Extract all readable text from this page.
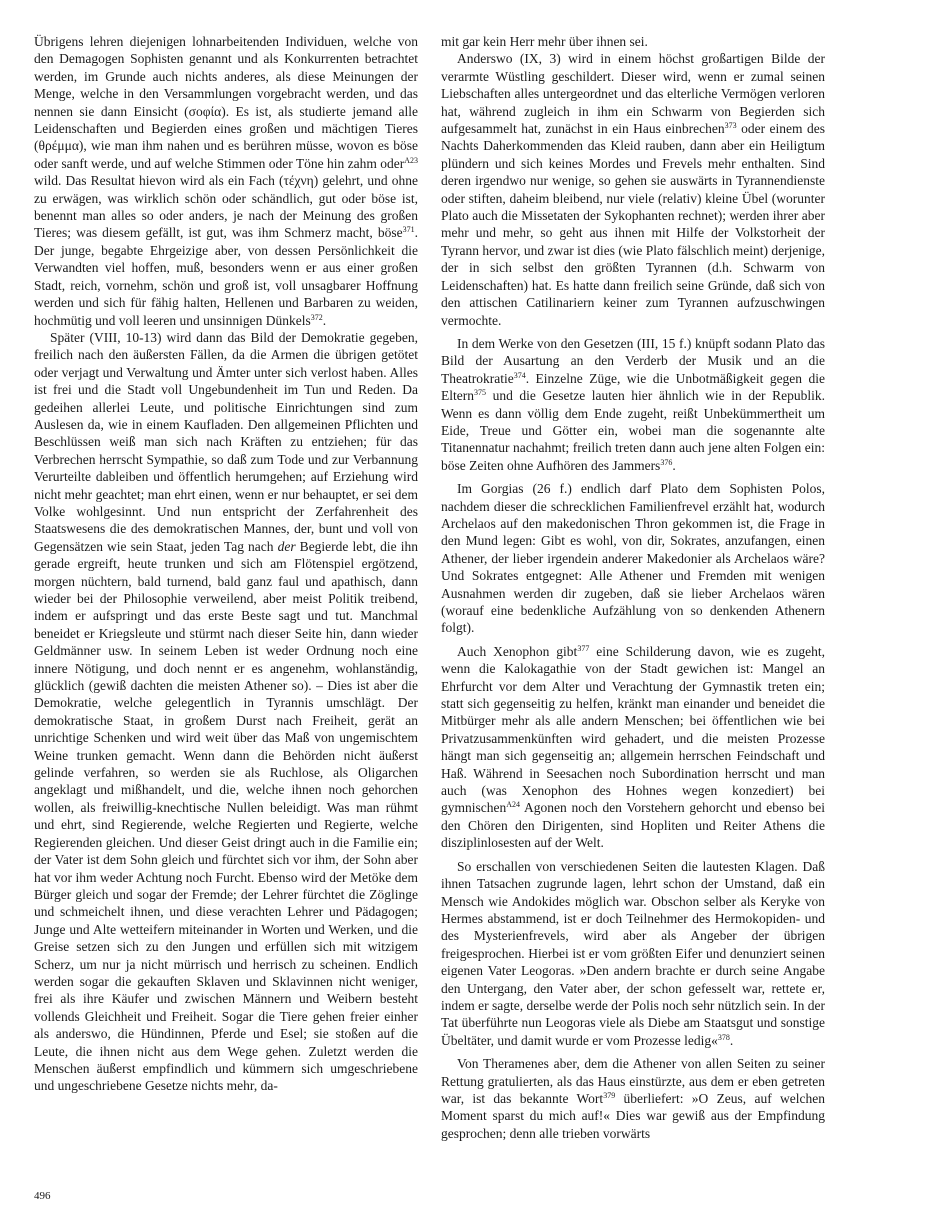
Übrigens lehren diejenigen lohnarbeitenden Individuen, welche von den Demagogen Sophisten genannt und als Konkurrenten betrachtet werden, im Grunde auch nichts anderes, als diese Meinungen der Menge, welche in den Versammlungen vorgebracht werden, und das nennen sie dann Einsicht (σοφία). Es ist, als studierte jemand alle Leidenschaften und Begierden eines großen und mächtigen Tieres (θρέμμα), wie man ihm nahen und es berühren müsse, wovon es böse oder sanft werde, und auf welche Stimmen oder Töne hin zahm oder$^{A23}$ wild. Das Resultat hievon wird als ein Fach (τέχνη) gelehrt, und ohne zu erwägen, was wirklich schön oder schändlich, gut oder böse ist, benennt man alles so oder anders, je nach der Meinung des großen Tieres; was diesem gefällt, ist gut, was ihm Schmerz macht, böse$^{371}$. Der junge, begabte Ehrgeizige aber, von dessen Persönlichkeit die Verwandten viel hoffen, muß, besonders wenn er aus einer großen Stadt, reich, vornehm, schön und groß ist, voll unsagbarer Hoffnung werden und sich für fähig halten, Hellenen und Barbaren zu weiden, hochmütig und voll leeren und unsinnigen Dünkels$^{372}$.

Später (VIII, 10-13) wird dann das Bild der Demokratie gegeben, freilich nach den äußersten Fällen, da die Armen die übrigen getötet oder verjagt und Verwaltung und Ämter unter sich verlost haben. Alles ist frei und die Stadt voll Ungebundenheit im Tun und Reden. Da gedeihen allerlei Leute, und politische Einrichtungen sind zum Auslesen da, wie in einem Kaufladen. Den allgemeinen Pflichten und Beschlüssen weiß man sich nach Kräften zu entziehen; für das Verbrechen herrscht Sympathie, so daß zum Tode und zur Verbannung Verurteilte dableiben und öffentlich herumgehen; auf Erziehung wird nicht mehr geachtet; man ehrt einen, wenn er nur behauptet, er sei dem Volke wohlgesinnt. Und nun entspricht der Zerfahrenheit des Staatswesens die des demokratischen Mannes, der, bunt und voll von Gegensätzen wie sein Staat, jeden Tag nach der Begierde lebt, die ihn gerade ergreift, heute trunken und sich am Flötenspiel ergötzend, morgen nüchtern, bald turnend, bald ganz faul und apathisch, dann wieder bei der Philosophie verweilend, aber meist Politik treibend, indem er aufspringt und das erste Beste sagt und tut. Manchmal beneidet er Kriegsleute und stürmt nach dieser Seite hin, dann wieder Geldmänner usw. In seinem Leben ist weder Ordnung noch eine innere Nötigung, und doch nennt er es angenehm, wohlanständig, glücklich (gewiß dachten die meisten Athener so). – Dies ist aber die Demokratie, welche gelegentlich in Tyrannis umschlägt. Der demokratische Staat, in großem Durst nach Freiheit, gerät an unrichtige Schenken und wird weit über das Maß von ungemischtem Weine trunken gemacht. Wenn dann die Behörden nicht äußerst gelinde verfahren, so werden sie als Ruchlose, als Oligarchen angeklagt und mißhandelt, und die, welche ihnen noch gehorchen wollen, als freiwillig-knechtische Nullen beleidigt. Was man rühmt und ehrt, sind Regierende, welche Regierten und Regierte, welche Regierenden gleichen. Und dieser Geist dringt auch in die Familie ein; der Vater ist dem Sohn gleich und fürchtet sich vor ihm, der Sohn aber hat vor ihm weder Achtung noch Furcht. Ebenso wird der Metöke dem Bürger gleich und sogar der Fremde; der Lehrer fürchtet die Zöglinge und schmeichelt ihnen, und diese verachten Lehrer und Pädagogen; Junge und Alte wetteifern miteinander in Worten und Werken, und die Greise setzen sich zu den Jungen und erfüllen sich mit witzigem Scherz, um nur ja nicht mürrisch und herrisch zu scheinen. Endlich werden sogar die gekauften Sklaven und Sklavinnen nicht weniger, frei als ihre Käufer und zwischen Männern und Weibern besteht vollends Gleichheit und Freiheit. Sogar die Tiere gehen freier einher als anderswo, die Hündinnen, Pferde und Esel; sie stoßen auf die Leute, die ihnen nicht aus dem Wege gehen. Zuletzt werden die Menschen äußerst empfindlich und kümmern sich umgeschriebene und ungeschriebene Gesetze nichts mehr, da-

mit gar kein Herr mehr über ihnen sei.

Anderswo (IX, 3) wird in einem höchst großartigen Bilde der verarmte Wüstling geschildert. Dieser wird, wenn er zumal seinen Liebschaften alles untergeordnet und das elterliche Vermögen verloren hat, während zugleich in ihm ein Schwarm von Begierden sich aufgesammelt hat, zunächst in ein Haus einbrechen$^{373}$ oder einem des Nachts Daherkommenden das Kleid rauben, dann aber ein Heiligtum plündern und sich keines Mordes und Frevels mehr enthalten. Sind deren irgendwo nur wenige, so gehen sie auswärts in Tyrannendienste oder stiften, daheim bleibend, nur viele (relativ) kleine Übel (worunter Plato auch die Missetaten der Sykophanten rechnet); werden ihrer aber mehr und mehr, so geht aus ihnen mit Hilfe der Volkstorheit der Tyrann hervor, und zwar ist dies (wie Plato fälschlich meint) derjenige, der in sich selbst den größten Tyrannen (d.h. Schwarm von Leidenschaften) hat. Es hatte dann freilich seine Gründe, daß sich von den attischen Catilinariern keiner zum Tyrannen aufzuschwingen vermochte.

In dem Werke von den Gesetzen (III, 15 f.) knüpft sodann Plato das Bild der Ausartung an den Verderb der Musik und an die Theatrokratie$^{374}$. Einzelne Züge, wie die Unbotmäßigkeit gegen die Eltern$^{375}$ und die Gesetze lauten hier ähnlich wie in der Republik. Wenn es dann völlig dem Ende zugeht, reißt Unbekümmertheit um Eide, Treue und Götter ein, wobei man die sogenannte alte Titanennatur nachahmt; freilich treten dann auch jene alten Folgen ein: böse Zeiten ohne Aufhören des Jammers$^{376}$.

Im Gorgias (26 f.) endlich darf Plato dem Sophisten Polos, nachdem dieser die schrecklichen Familienfrevel erzählt hat, wodurch Archelaos auf den makedonischen Thron gekommen ist, die Frage in den Mund legen: Gibt es wohl, von dir, Sokrates, anzufangen, einen Athener, der lieber irgendein anderer Makedonier als Archelaos wäre? Und Sokrates entgegnet: Alle Athener und Fremden mit wenigen Ausnahmen werden dir zugeben, daß sie lieber Archelaos wären (worauf eine bedenkliche Aufzählung von so denkenden Athenern folgt).

Auch Xenophon gibt$^{377}$ eine Schilderung davon, wie es zugeht, wenn die Kalokagathie von der Stadt gewichen ist: Mangel an Ehrfurcht vor dem Alter und Verachtung der Gymnastik treten ein; statt sich gegenseitig zu helfen, kränkt man einander und beneidet die Mitbürger mehr als alle andern Menschen; bei öffentlichen wie bei Privatzusammenkünften wird gehadert, und die meisten Prozesse hängt man sich gegenseitig an; allgemein herrschen Feindschaft und Haß. Während in Seesachen noch Subordination herrscht und man auch (was Xenophon des Hohnes wegen konzediert) bei gymnischen$^{A24}$ Agonen noch den Vorstehern gehorcht und ebenso bei den Chören den Dirigenten, sind Hopliten und Reiter Athens die disziplinlosesten auf der Welt.

So erschallen von verschiedenen Seiten die lautesten Klagen. Daß ihnen Tatsachen zugrunde lagen, lehrt schon der Umstand, daß ein Mensch wie Andokides möglich war. Obschon selber als Keryke von Hermes abstammend, ist er doch Teilnehmer des Hermokopiden- und des Mysterienfrevels, wird aber als Angeber der übrigen freigesprochen. Hierbei ist er vom größten Eifer und denunziert seinen eigenen Vater Leogoras. »Den andern brachte er durch seine Angabe den Untergang, den Vater aber, der schon gefesselt war, rettete er, indem er sagte, derselbe werde der Polis noch sehr nützlich sein. In der Tat überführte nun Leogoras viele als Diebe am Staatsgut und sonstige Übeltäter, und damit wurde er vom Prozesse ledig«$^{378}$.

Von Theramenes aber, dem die Athener von allen Seiten zu seiner Rettung gratulierten, als das Haus einstürzte, aus dem er eben getreten war, ist das bekannte Wort$^{379}$ überliefert: »O Zeus, auf welchen Moment sparst du mich auf!« Dies war gewiß aus der Empfindung gesprochen; denn alle trieben vorwärts

496
